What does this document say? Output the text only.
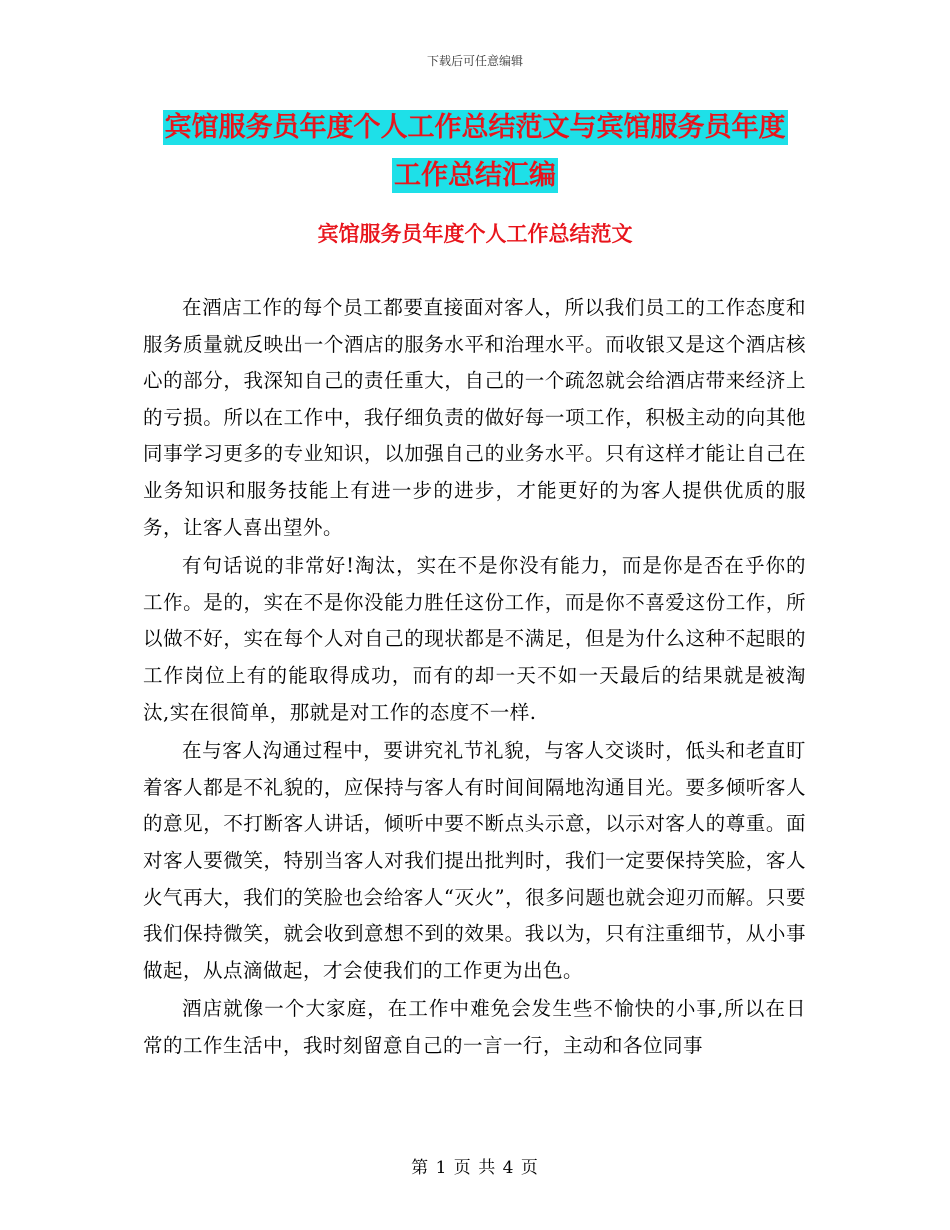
下载后可任意编辑
宾馆服务员年度个人工作总结范文与宾馆服务员年度
工作总结汇编
宾馆服务员年度个人工作总结范文

在酒店工作的每个员工都要直接面对客人，所以我们员工的工作态度和服务质量就反映出一个酒店的服务水平和治理水平。而收银又是这个酒店核心的部分，我深知自己的责任重大，自己的一个疏忽就会给酒店带来经济上的亏损。所以在工作中，我仔细负责的做好每一项工作，积极主动的向其他同事学习更多的专业知识，以加强自己的业务水平。只有这样才能让自己在业务知识和服务技能上有进一步的进步，才能更好的为客人提供优质的服务，让客人喜出望外。

有句话说的非常好!淘汰，实在不是你没有能力，而是你是否在乎你的工作。是的，实在不是你没能力胜任这份工作，而是你不喜爱这份工作，所以做不好，实在每个人对自己的现状都是不满足，但是为什么这种不起眼的工作岗位上有的能取得成功，而有的却一天不如一天最后的结果就是被淘汰,实在很简单，那就是对工作的态度不一样.

在与客人沟通过程中，要讲究礼节礼貌，与客人交谈时，低头和老直盯着客人都是不礼貌的，应保持与客人有时间间隔地沟通目光。要多倾听客人的意见，不打断客人讲话，倾听中要不断点头示意，以示对客人的尊重。面对客人要微笑，特别当客人对我们提出批判时，我们一定要保持笑脸，客人火气再大，我们的笑脸也会给客人“灭火”，很多问题也就会迎刃而解。只要我们保持微笑，就会收到意想不到的效果。我以为，只有注重细节，从小事做起，从点滴做起，才会使我们的工作更为出色。

酒店就像一个大家庭，在工作中难免会发生些不愉快的小事,所以在日常的工作生活中，我时刻留意自己的一言一行，主动和各位同事

第 1 页 共 4 页
